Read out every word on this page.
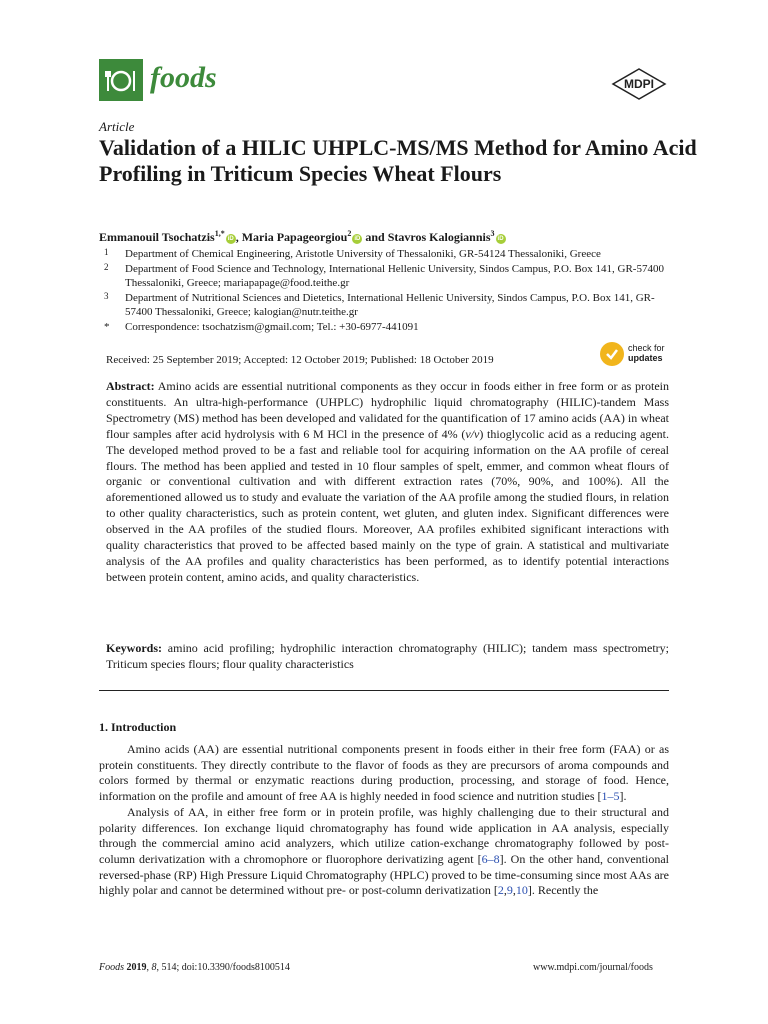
foods	MDPI
Article
Validation of a HILIC UHPLC-MS/MS Method for Amino Acid Profiling in Triticum Species Wheat Flours
Emmanouil Tsochatzis$^{1,*}$iD , Maria Papageorgiou$^2$iD and Stavros Kalogiannis$^3$iD
1 Department of Chemical Engineering, Aristotle University of Thessaloniki, GR-54124 Thessaloniki, Greece
2 Department of Food Science and Technology, International Hellenic University, Sindos Campus, P.O. Box 141, GR-57400 Thessaloniki, Greece; mariapapage@food.teithe.gr
3 Department of Nutritional Sciences and Dietetics, International Hellenic University, Sindos Campus, P.O. Box 141, GR-57400 Thessaloniki, Greece; kalogian@nutr.teithe.gr
* Correspondence: tsochatzism@gmail.com; Tel.: +30-6977-441091
Received: 25 September 2019; Accepted: 12 October 2019; Published: 18 October 2019
check for
updates
Abstract: Amino acids are essential nutritional components as they occur in foods either in free form or as protein constituents. An ultra-high-performance (UHPLC) hydrophilic liquid chromatography (HILIC)-tandem Mass Spectrometry (MS) method has been developed and validated for the quantification of 17 amino acids (AA) in wheat flour samples after acid hydrolysis with 6 M HCl in the presence of 4% (v/v) thioglycolic acid as a reducing agent. The developed method proved to be a fast and reliable tool for acquiring information on the AA profile of cereal flours. The method has been applied and tested in 10 flour samples of spelt, emmer, and common wheat flours of organic or conventional cultivation and with different extraction rates (70%, 90%, and 100%). All the aforementioned allowed us to study and evaluate the variation of the AA profile among the studied flours, in relation to other quality characteristics, such as protein content, wet gluten, and gluten index. Significant differences were observed in the AA profiles of the studied flours. Moreover, AA profiles exhibited significant interactions with quality characteristics that proved to be affected based mainly on the type of grain. A statistical and multivariate analysis of the AA profiles and quality characteristics has been performed, as to identify potential interactions between protein content, amino acids, and quality characteristics.
Keywords: amino acid profiling; hydrophilic interaction chromatography (HILIC); tandem mass spectrometry; Triticum species flours; flour quality characteristics
1. Introduction

Amino acids (AA) are essential nutritional components present in foods either in their free form (FAA) or as protein constituents. They directly contribute to the flavor of foods as they are precursors of aroma compounds and colors formed by thermal or enzymatic reactions during production, processing, and storage of food. Hence, information on the profile and amount of free AA is highly needed in food science and nutrition studies [1–5].

Analysis of AA, in either free form or in protein profile, was highly challenging due to their structural and polarity differences. Ion exchange liquid chromatography has found wide application in AA analysis, especially through the commercial amino acid analyzers, which utilize cation-exchange chromatography followed by post-column derivatization with a chromophore or fluorophore derivatizing agent [6–8]. On the other hand, conventional reversed-phase (RP) High Pressure Liquid Chromatography (HPLC) proved to be time-consuming since most AAs are highly polar and cannot be determined without pre- or post-column derivatization [2,9,10]. Recently the

Foods 2019, 8, 514; doi:10.3390/foods8100514	www.mdpi.com/journal/foods
